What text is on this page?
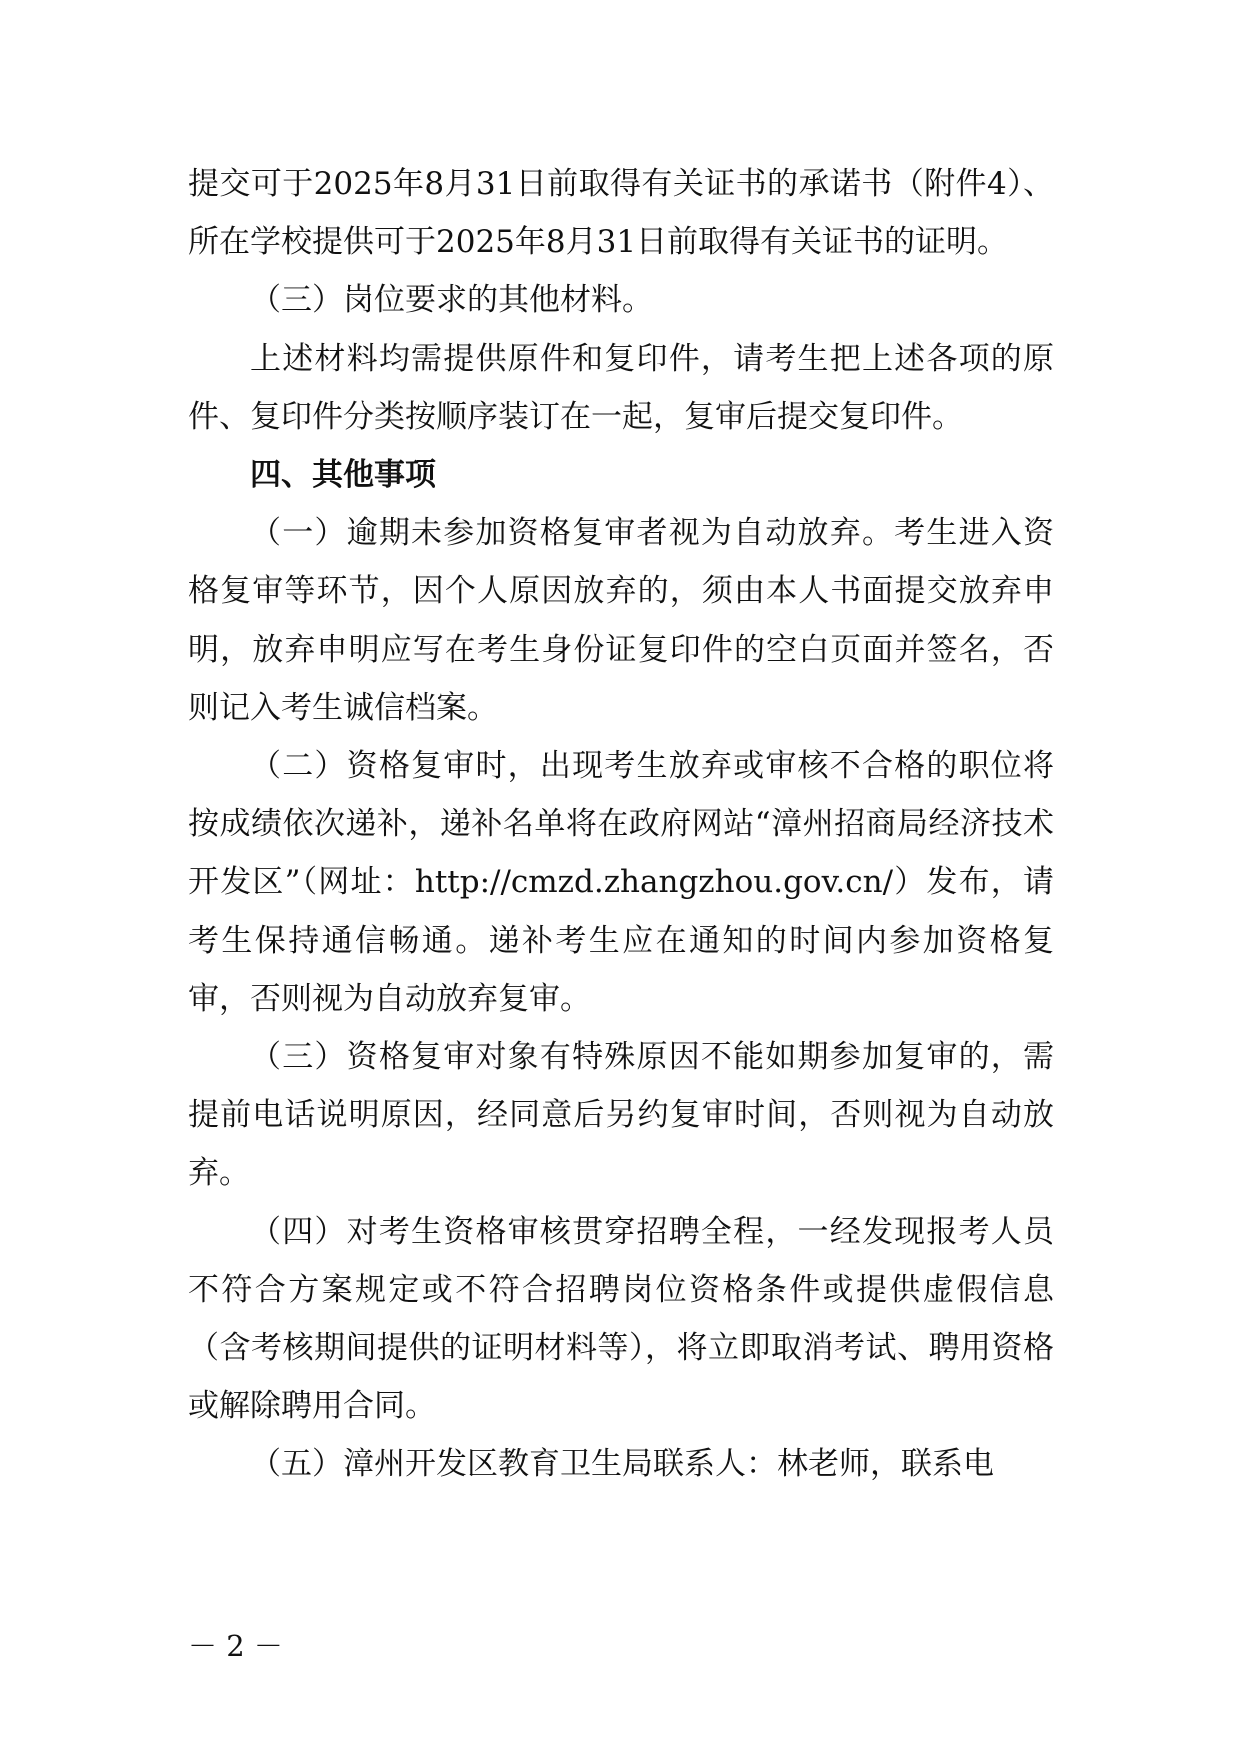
提交可于2025年8月31日前取得有关证书的承诺书（附件4）、所在学校提供可于2025年8月31日前取得有关证书的证明。

（三）岗位要求的其他材料。

上述材料均需提供原件和复印件，请考生把上述各项的原件、复印件分类按顺序装订在一起，复审后提交复印件。

四、其他事项

（一）逾期未参加资格复审者视为自动放弃。考生进入资格复审等环节，因个人原因放弃的，须由本人书面提交放弃申明，放弃申明应写在考生身份证复印件的空白页面并签名，否则记入考生诚信档案。

（二）资格复审时，出现考生放弃或审核不合格的职位将按成绩依次递补，递补名单将在政府网站“漳州招商局经济技术开发区”（网址：http://cmzd.zhangzhou.gov.cn/）发布，请考生保持通信畅通。递补考生应在通知的时间内参加资格复审，否则视为自动放弃复审。

（三）资格复审对象有特殊原因不能如期参加复审的，需提前电话说明原因，经同意后另约复审时间，否则视为自动放弃。

（四）对考生资格审核贯穿招聘全程，一经发现报考人员不符合方案规定或不符合招聘岗位资格条件或提供虚假信息（含考核期间提供的证明材料等），将立即取消考试、聘用资格或解除聘用合同。

（五）漳州开发区教育卫生局联系人：林老师，联系电

－ 2 －
